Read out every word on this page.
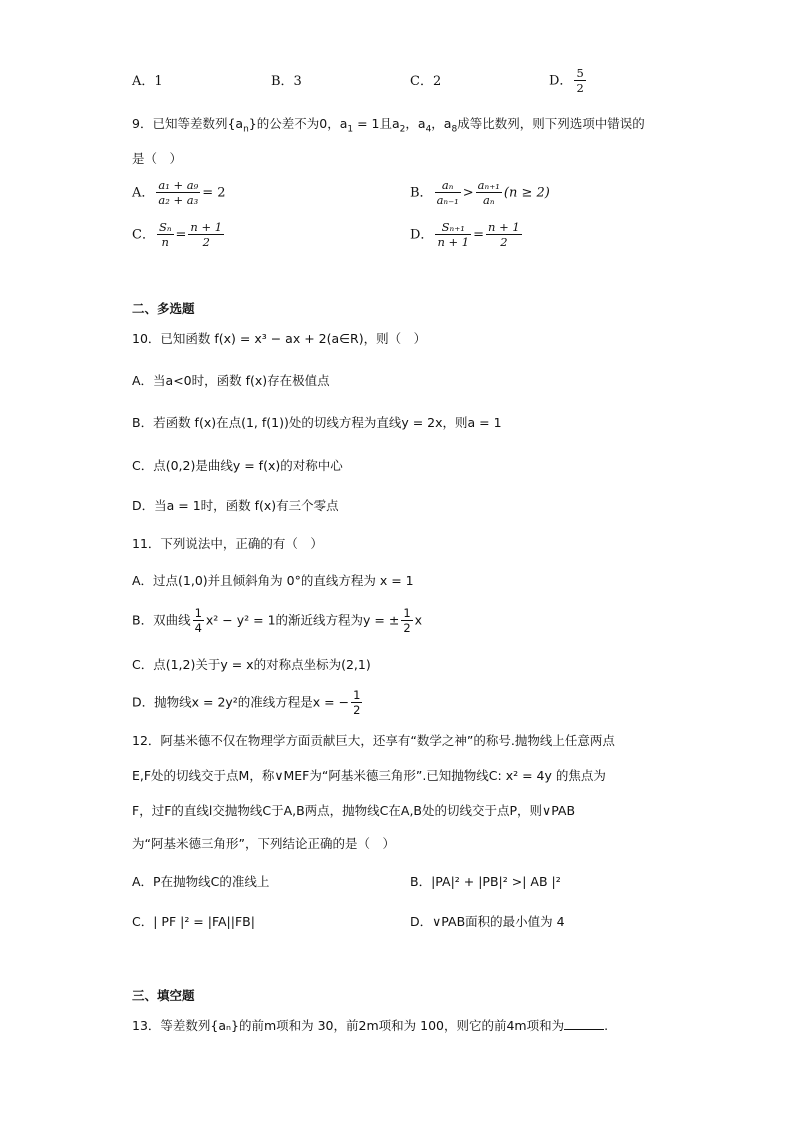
A．1	B．3	C．2	D． $\frac{5}{2}$
9．已知等差数列$\{a_n\}$的公差不为0，$a_1 = 1$且$a_2$，$a_4$，$a_8$成等比数列，则下列选项中错误的
是（　）
A． $\frac{\text{a₁ + a₉}}{\text{a₂ + a₃}} = 2$	B． $\frac{\text{aₙ}}{\text{aₙ₋₁}} > \frac{\text{aₙ₊₁}}{\text{aₙ}} (n \ge 2)$
C． $\frac{\text{Sₙ}}{n} = \frac{n + 1}{2}$	D． $\frac{\text{Sₙ₊₁}}{n + 1} = \frac{n + 1}{2}$
二、多选题
10．已知函数 f(x) = x³ − ax + 2(a∈R)，则（　）
A．当a<0时，函数 f(x)存在极值点
B．若函数 f(x)在点(1, f(1))处的切线方程为直线y = 2x，则a = 1
C．点(0,2)是曲线y = f(x)的对称中心
D．当a = 1时，函数 f(x)有三个零点
11．下列说法中，正确的有（　）
A．过点(1,0)并且倾斜角为 0°的直线方程为 x = 1
B．双曲线 $\frac{1}{4} x^2 - y^2 = 1$的渐近线方程为y = ± $\frac{1}{2}$ x
C．点(1,2)关于y = x的对称点坐标为(2,1)
D．抛物线x = 2y²的准线方程是x = − $\frac{1}{2}$
12．阿基米德不仅在物理学方面贡献巨大，还享有“数学之神”的称号.抛物线上任意两点
E,F处的切线交于点M，称∨MEF为“阿基米德三角形”.已知抛物线C: x² = 4y 的焦点为
F，过F的直线l交抛物线C于A,B两点，抛物线C在A,B处的切线交于点P，则∨PAB
为“阿基米德三角形”，下列结论正确的是（　）
A．P在抛物线C的准线上	B．|PA|² + |PB|² >| AB |²
C．| PF |² = |FA||FB|	D．∨PAB面积的最小值为 4
三、填空题
13．等差数列{aₙ}的前m项和为 30，前2m项和为 100，则它的前4m项和为	.
